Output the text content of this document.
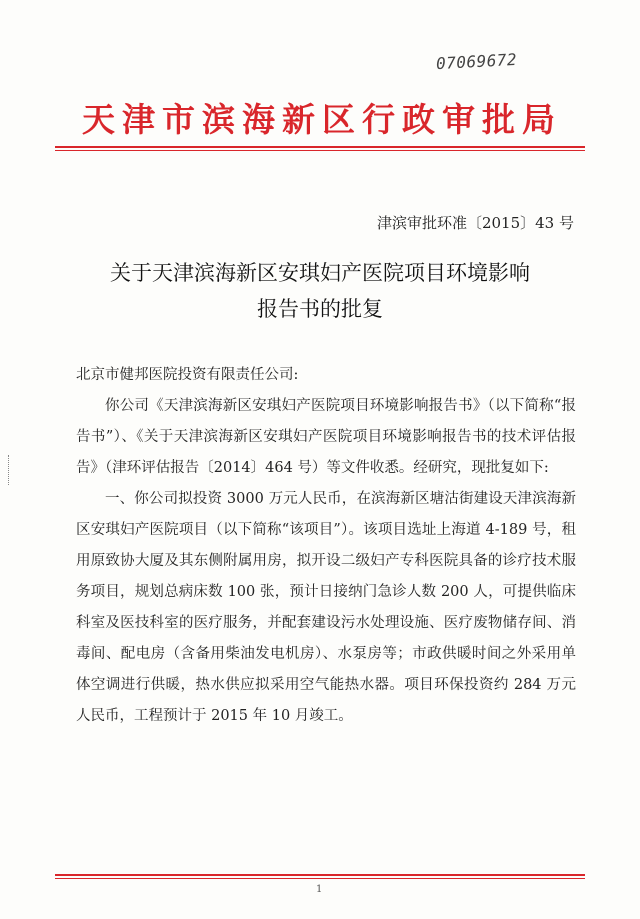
07069672
天津市滨海新区行政审批局
津滨审批环准〔2015〕43 号
关于天津滨海新区安琪妇产医院项目环境影响
报告书的批复

北京市健邦医院投资有限责任公司:

你公司《天津滨海新区安琪妇产医院项目环境影响报告书》（以下简称“报告书”）、《关于天津滨海新区安琪妇产医院项目环境影响报告书的技术评估报告》（津环评估报告〔2014〕464 号）等文件收悉。经研究，现批复如下:

一、你公司拟投资 3000 万元人民币，在滨海新区塘沽街建设天津滨海新区安琪妇产医院项目（以下简称“该项目”）。该项目选址上海道 4-189 号，租用原致协大厦及其东侧附属用房，拟开设二级妇产专科医院具备的诊疗技术服务项目，规划总病床数 100 张，预计日接纳门急诊人数 200 人，可提供临床科室及医技科室的医疗服务，并配套建设污水处理设施、医疗废物储存间、消毒间、配电房（含备用柴油发电机房）、水泵房等；市政供暖时间之外采用单体空调进行供暖，热水供应拟采用空气能热水器。项目环保投资约 284 万元人民币，工程预计于 2015 年 10 月竣工。

1
